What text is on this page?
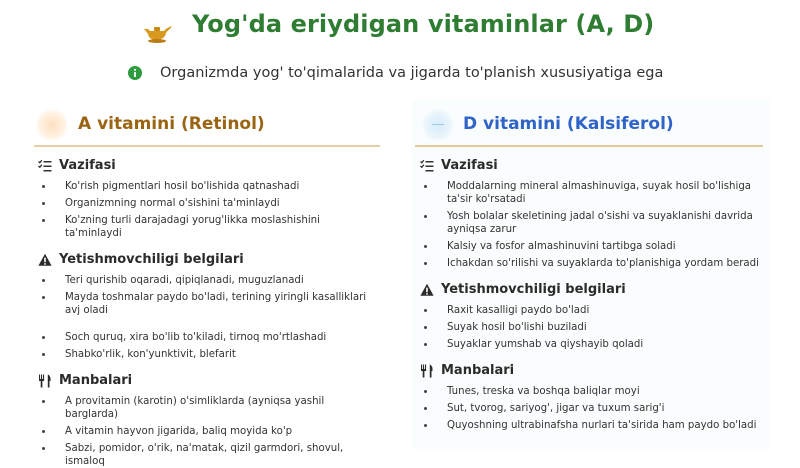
Yog'da eriydigan vitaminlar (A, D)
Organizmda yog' to'qimalarida va jigarda to'planish xususiyatiga ega
A vitamini (Retinol)
Vazifasi
Ko'rish pigmentlari hosil bo'lishida qatnashadi
Organizmning normal o'sishini ta'minlaydi
Ko'zning turli darajadagi yorug'likka moslashishini ta'minlaydi
Yetishmovchiligi belgilari
Teri qurishib oqaradi, qipiqlanadi, muguzlanadi
Mayda toshmalar paydo bo'ladi, terining yiringli kasalliklari avj oladi
Soch quruq, xira bo'lib to'kiladi, tirnoq mo'rtlashadi
Shabko'rlik, kon'yunktivit, blefarit
Manbalari
A provitamin (karotin) o'simliklarda (ayniqsa yashil barglarda)
A vitamin hayvon jigarida, baliq moyida ko'p
Sabzi, pomidor, o'rik, na'matak, qizil garmdori, shovul, ismaloq
D vitamini (Kalsiferol)
Vazifasi
Moddalarning mineral almashinuviga, suyak hosil bo'lishiga ta'sir ko'rsatadi
Yosh bolalar skeletining jadal o'sishi va suyaklanishi davrida ayniqsa zarur
Kalsiy va fosfor almashinuvini tartibga soladi
Ichakdan so'rilishi va suyaklarda to'planishiga yordam beradi
Yetishmovchiligi belgilari
Raxit kasalligi paydo bo'ladi
Suyak hosil bo'lishi buziladi
Suyaklar yumshab va qiyshayib qoladi
Manbalari
Tunes, treska va boshqa baliqlar moyi
Sut, tvorog, sariyog', jigar va tuxum sarig'i
Quyoshning ultrabinafsha nurlari ta'sirida ham paydo bo'ladi
